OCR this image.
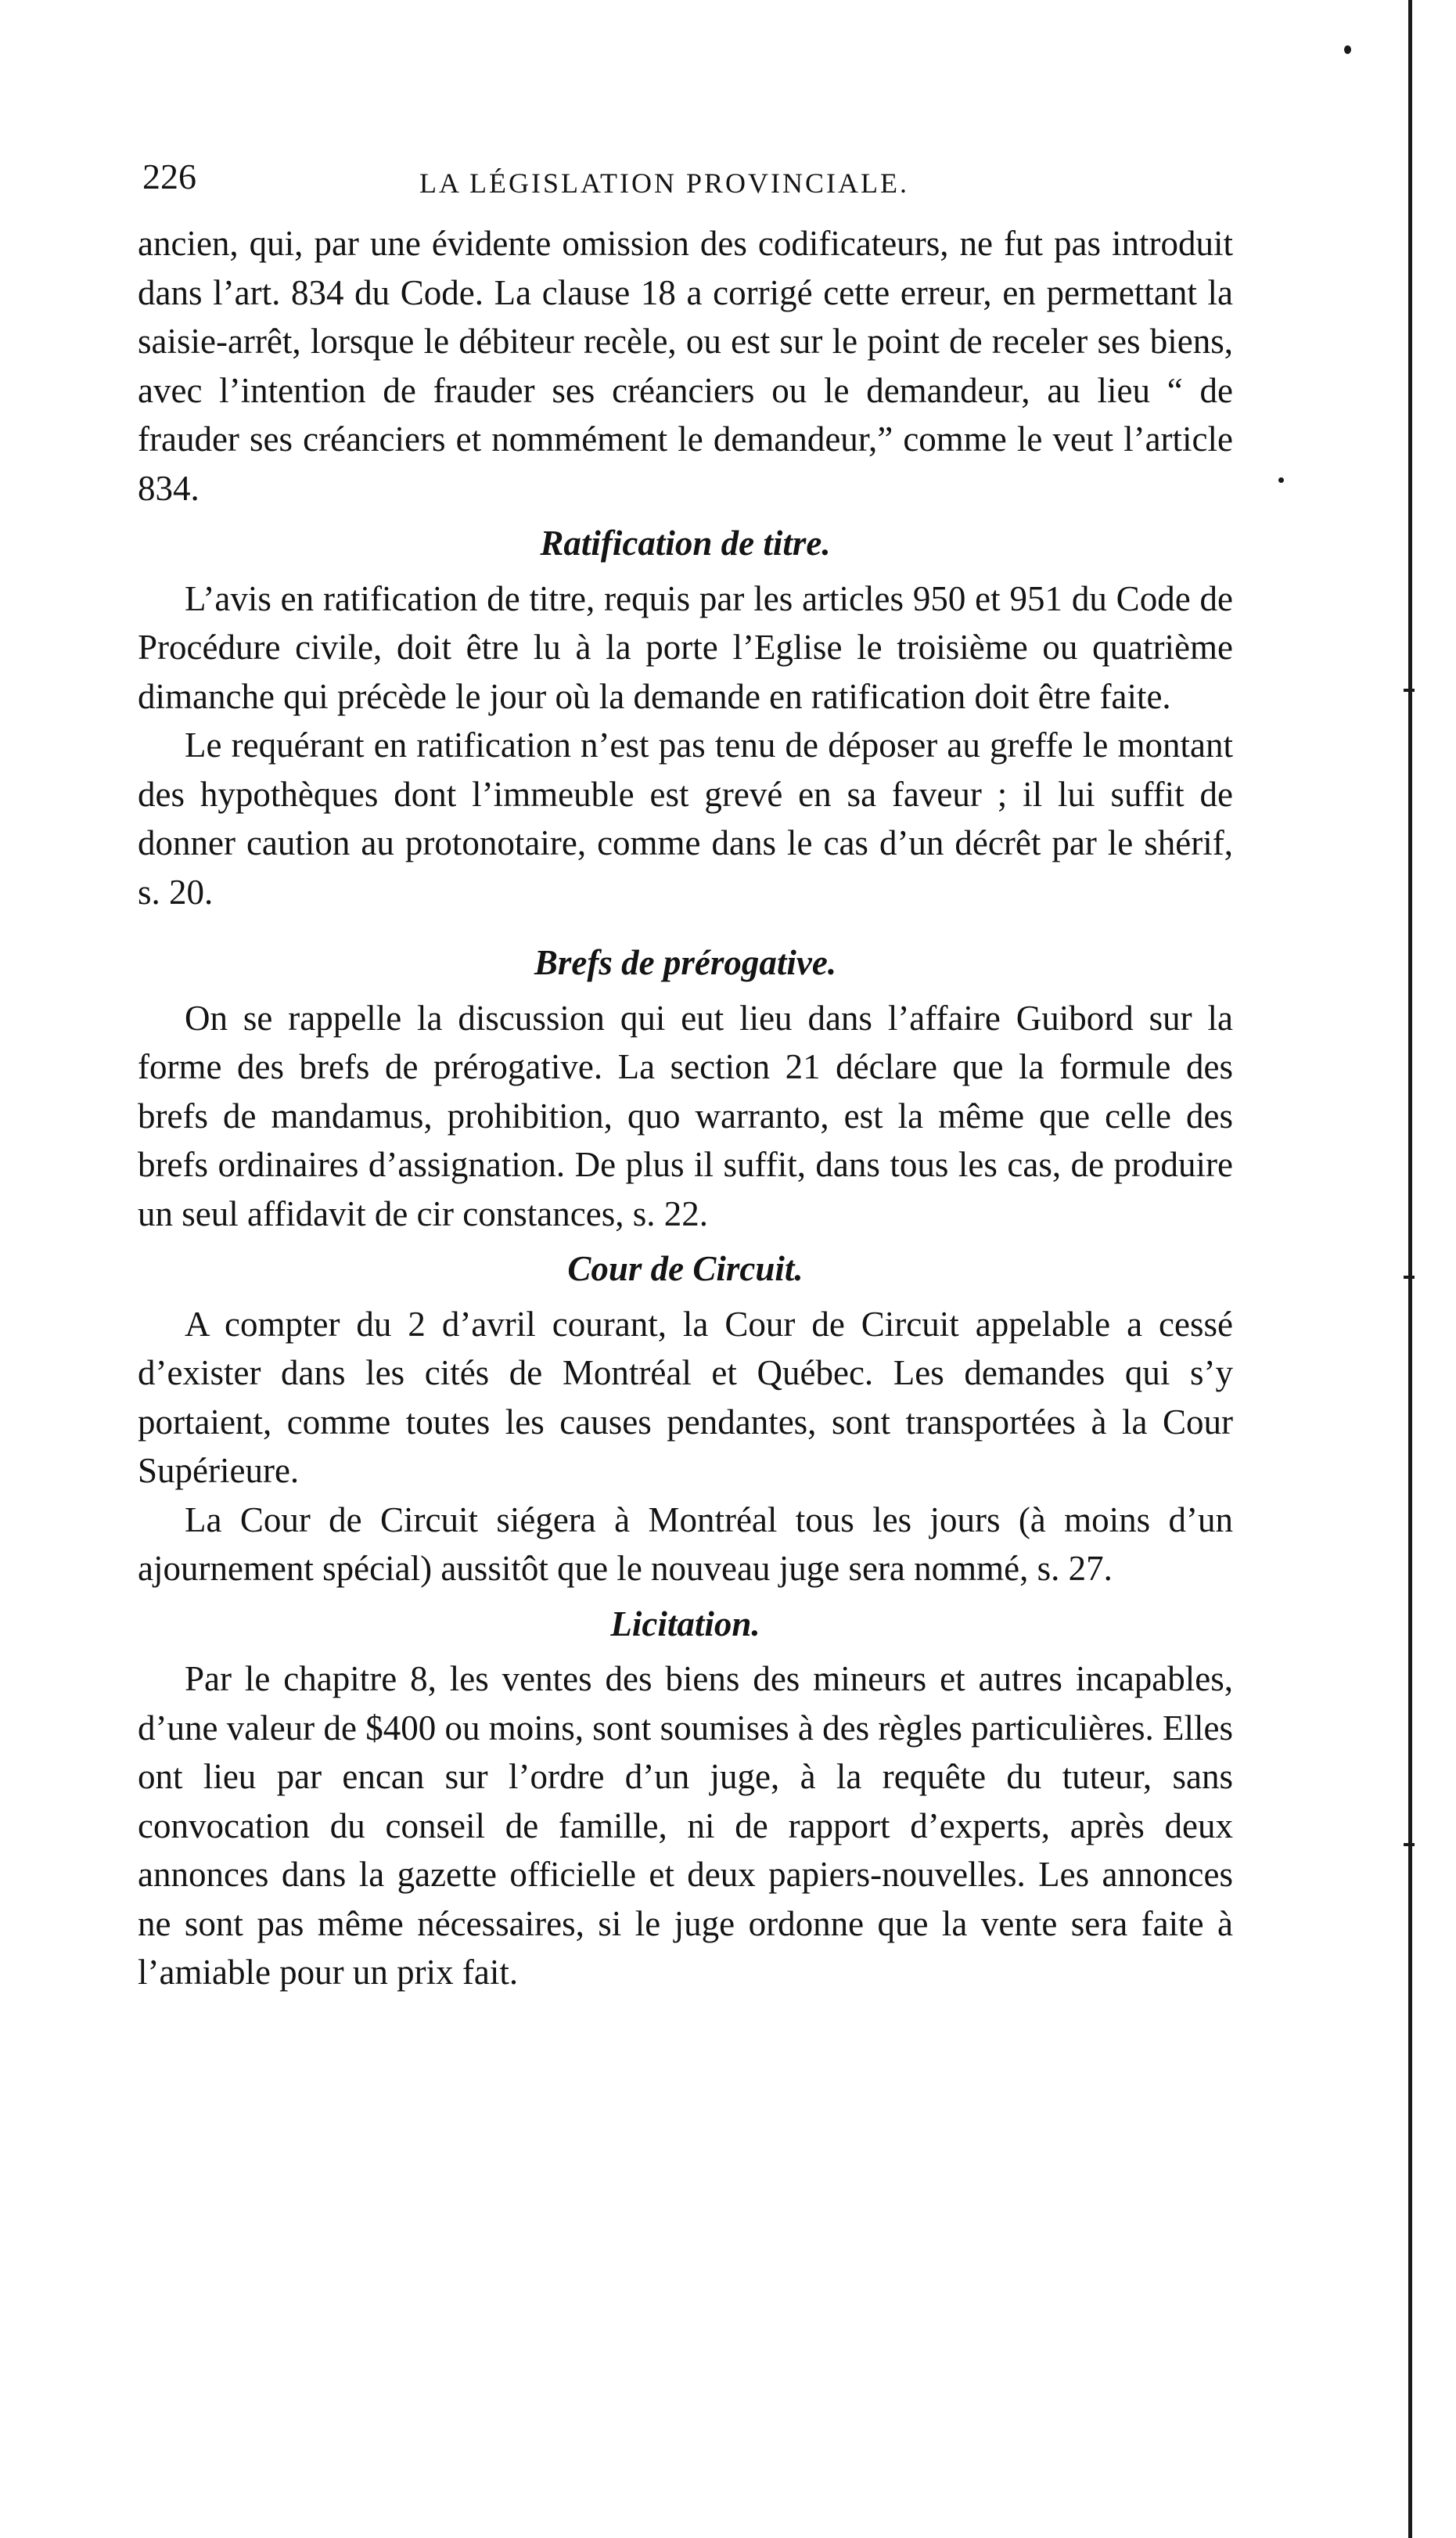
226	LA LÉGISLATION PROVINCIALE.

ancien, qui, par une évidente omission des codificateurs, ne fut pas introduit dans l’art. 834 du Code. La clause 18 a corrigé cette erreur, en permettant la saisie-arrêt, lorsque le débiteur recèle, ou est sur le point de receler ses biens, avec l’intention de frauder ses créanciers ou le demandeur, au lieu “ de frauder ses créanciers et nommément le demandeur,” comme le veut l’article 834.

Ratification de titre.

L’avis en ratification de titre, requis par les articles 950 et 951 du Code de Procédure civile, doit être lu à la porte l’Eglise le troisième ou quatrième dimanche qui précède le jour où la demande en ratification doit être faite.

Le requérant en ratification n’est pas tenu de déposer au greffe le montant des hypothèques dont l’immeuble est grevé en sa faveur ; il lui suffit de donner caution au protonotaire, comme dans le cas d’un décrêt par le shérif, s. 20.

Brefs de prérogative.

On se rappelle la discussion qui eut lieu dans l’affaire Guibord sur la forme des brefs de prérogative. La section 21 déclare que la formule des brefs de mandamus, prohibition, quo warranto, est la même que celle des brefs ordinaires d’assignation. De plus il suffit, dans tous les cas, de produire un seul affidavit de cir constances, s. 22.

Cour de Circuit.

A compter du 2 d’avril courant, la Cour de Circuit appelable a cessé d’exister dans les cités de Montréal et Québec. Les demandes qui s’y portaient, comme toutes les causes pendantes, sont transportées à la Cour Supérieure.

La Cour de Circuit siégera à Montréal tous les jours (à moins d’un ajournement spécial) aussitôt que le nouveau juge sera nommé, s. 27.

Licitation.

Par le chapitre 8, les ventes des biens des mineurs et autres incapables, d’une valeur de $400 ou moins, sont soumises à des règles particulières. Elles ont lieu par encan sur l’ordre d’un juge, à la requête du tuteur, sans convocation du conseil de famille, ni de rapport d’experts, après deux annonces dans la gazette officielle et deux papiers-nouvelles. Les annonces ne sont pas même nécessaires, si le juge ordonne que la vente sera faite à l’amiable pour un prix fait.
